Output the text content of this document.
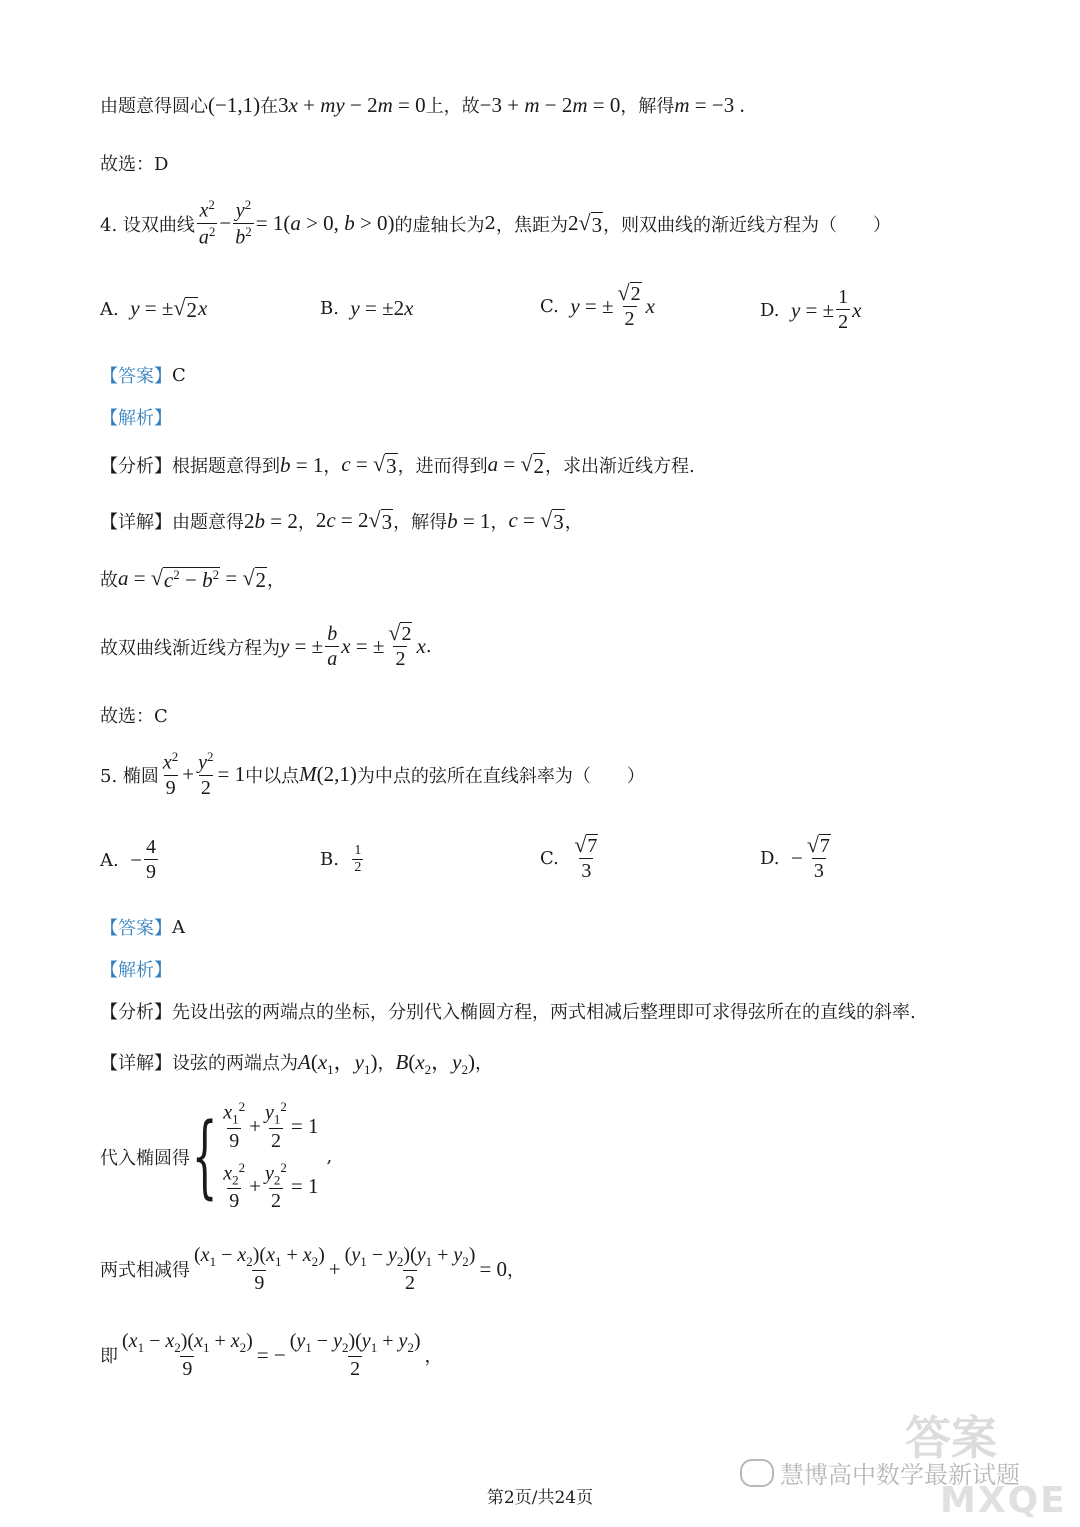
由题意得圆心 (−1,1) 在 3x + my − 2m = 0 上，故 −3 + m − 2m = 0 ，解得 m = −3 .
故选：D
4. 设双曲线 $\frac{x^2}{a^2} - \frac{y^2}{b^2} = 1(a > 0$, b > 0) 的虚轴长为 2 ，焦距为 2 √ 3 ，则双曲线的渐近线方程为（　　）
A.
y = ± √ 2 x	B.
y = ±2x	C.
y = ± $\frac{√ 2}{2}$ x	D.
y = ± $\frac{1}{2}$ x
【答案】 C
【解析】
【分析】 根据题意得到 b = 1 ， c = √ 3 ，进而得到 a = √ 2 ，求出渐近线方程.
【详解】 由题意得 2b = 2 ， 2c = 2 √ 3 ，解得 b = 1 ， c = √ 3 ，
故 a = √ $c^2 - b^2$ = √ 2 ，
故双曲线渐近线方程为 y = ± $\frac{b}{a}$ x = ± $\frac{√ 2}{2}$ x .
故选：C
5. 椭圆 $\frac{x^2}{9} + \frac{y^2}{2} = 1$ 中以点 M(2,1) 为中点的弦所在直线斜率为（　　）
A.
− $\frac{4}{9}$	B.
$\frac{1}{2}$	C.
$\frac{√ 7}{3}$	D.
− $\frac{√ 7}{3}$
【答案】 A
【解析】
【分析】 先设出弦的两端点的坐标，分别代入椭圆方程，两式相减后整理即可求得弦所在的直线的斜率.
【详解】 设弦的两端点为 $A(x_1$，$y_1$) ， $B(x_2$，$y_2$) ，
代入椭圆得 { $\frac{x_1^2}{9} + \frac{y_1^2}{2} = 1$
$\frac{x_2^2}{9} + \frac{y_2^2}{2} = 1$
,
两式相减得 $\frac{(x_1 - x_2)(x_1 + x_2)}{9} + \frac{(y_1 - y_2)(y_1 + y_2)}{2} = 0$ ，
即 $\frac{(x_1 - x_2)(x_1 + x_2)}{9}$ = − $\frac{(y_1 - y_2)(y_1 + y_2)}{2}$ ，
答案
慧博高中数学最新试题
MXQE
第2页/共24页
